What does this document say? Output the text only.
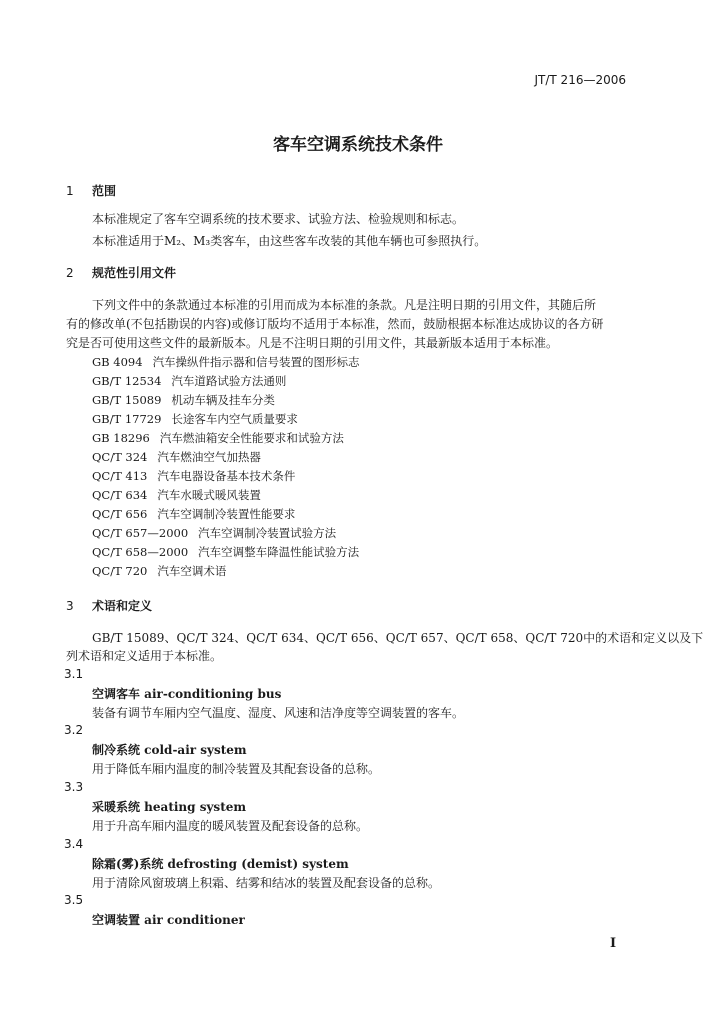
JT/T 216—2006
客车空调系统技术条件
1 范围
本标准规定了客车空调系统的技术要求、试验方法、检验规则和标志。
本标准适用于M₂、M₃类客车，由这些客车改装的其他车辆也可参照执行。
2 规范性引用文件
下列文件中的条款通过本标准的引用而成为本标准的条款。凡是注明日期的引用文件，其随后所
有的修改单(不包括勘误的内容)或修订版均不适用于本标准，然而，鼓励根据本标准达成协议的各方研
究是否可使用这些文件的最新版本。凡是不注明日期的引用文件，其最新版本适用于本标准。
GB 4094 汽车操纵件指示器和信号装置的图形标志
GB/T 12534 汽车道路试验方法通则
GB/T 15089 机动车辆及挂车分类
GB/T 17729 长途客车内空气质量要求
GB 18296 汽车燃油箱安全性能要求和试验方法
QC/T 324 汽车燃油空气加热器
QC/T 413 汽车电器设备基本技术条件
QC/T 634 汽车水暖式暖风装置
QC/T 656 汽车空调制冷装置性能要求
QC/T 657—2000 汽车空调制冷装置试验方法
QC/T 658—2000 汽车空调整车降温性能试验方法
QC/T 720 汽车空调术语
3 术语和定义
GB/T 15089、QC/T 324、QC/T 634、QC/T 656、QC/T 657、QC/T 658、QC/T 720中的术语和定义以及下
列术语和定义适用于本标准。
3.1
空调客车 air-conditioning bus
装备有调节车厢内空气温度、湿度、风速和洁净度等空调装置的客车。
3.2
制冷系统 cold-air system
用于降低车厢内温度的制冷装置及其配套设备的总称。
3.3
采暖系统 heating system
用于升高车厢内温度的暖风装置及配套设备的总称。
3.4
除霜(雾)系统 defrosting (demist) system
用于清除风窗玻璃上积霜、结雾和结冰的装置及配套设备的总称。
3.5
空调装置 air conditioner
I
